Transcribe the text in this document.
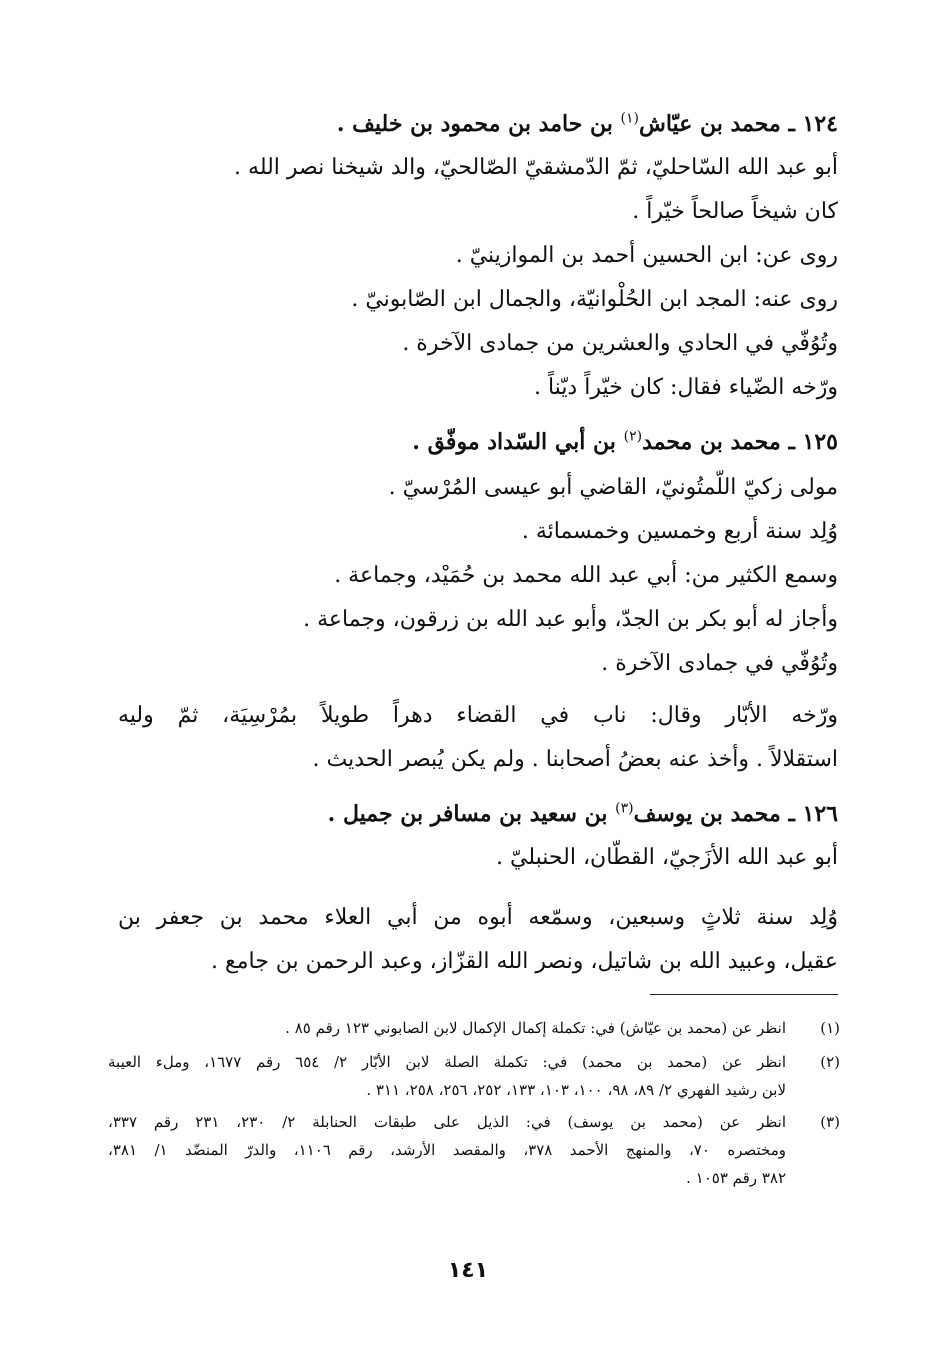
١٢٤ ـ محمد بن عيّاش$^{(١)}$ بن حامد بن محمود بن خليف .
أبو عبد الله السّاحليّ، ثمّ الدّمشقيّ الصّالحيّ، والد شيخنا نصر الله .
كان شيخاً صالحاً خيّراً .
روى عن: ابن الحسين أحمد بن الموازينيّ .
روى عنه: المجد ابن الحُلْوانيّة، والجمال ابن الصّابونيّ .
وتُوُفّي في الحادي والعشرين من جمادى الآخرة .
ورّخه الضّياء فقال: كان خيّراً ديّناً .
١٢٥ ـ محمد بن محمد$^{(٢)}$ بن أبي السّداد موفّق .
مولى زكيّ اللّمتُونيّ، القاضي أبو عيسى المُرْسيّ .
وُلِد سنة أربع وخمسين وخمسمائة .
وسمع الكثير من: أبي عبد الله محمد بن حُمَيْد، وجماعة .
وأجاز له أبو بكر بن الجدّ، وأبو عبد الله بن زرقون، وجماعة .
وتُوُفّي في جمادى الآخرة .
ورّخه الأبّار وقال: ناب في القضاء دهراً طويلاً بمُرْسِيَة، ثمّ وليه
استقلالاً . وأخذ عنه بعضُ أصحابنا . ولم يكن يُبصر الحديث .
١٢٦ ـ محمد بن يوسف$^{(٣)}$ بن سعيد بن مسافر بن جميل .
أبو عبد الله الأزَجيّ، القطّان، الحنبليّ .
وُلِد سنة ثلاثٍ وسبعين، وسمّعه أبوه من أبي العلاء محمد بن جعفر بن
عقيل، وعبيد الله بن شاتيل، ونصر الله القزّاز، وعبد الرحمن بن جامع .
(١)
انظر عن (محمد بن عيّاش) في: تكملة إكمال الإكمال لابن الصابوني ١٢٣ رقم ٨٥ .
(٢)
انظر عن (محمد بن محمد) في: تكملة الصلة لابن الأبّار ٢/ ٦٥٤ رقم ١٦٧٧، وملء العيبة
لابن رشيد الفهري ٢/ ٨٩، ٩٨، ١٠٠، ١٠٣، ١٣٣، ٢٥٢، ٢٥٦، ٢٥٨، ٣١١ .
(٣)
انظر عن (محمد بن يوسف) في: الذيل على طبقات الحنابلة ٢/ ٢٣٠، ٢٣١ رقم ٣٣٧،
ومختصره ٧٠، والمنهج الأحمد ٣٧٨، والمقصد الأرشد، رقم ١١٠٦، والدرّ المنضّد ١/ ٣٨١،
٣٨٢ رقم ١٠٥٣ .
١٤١
